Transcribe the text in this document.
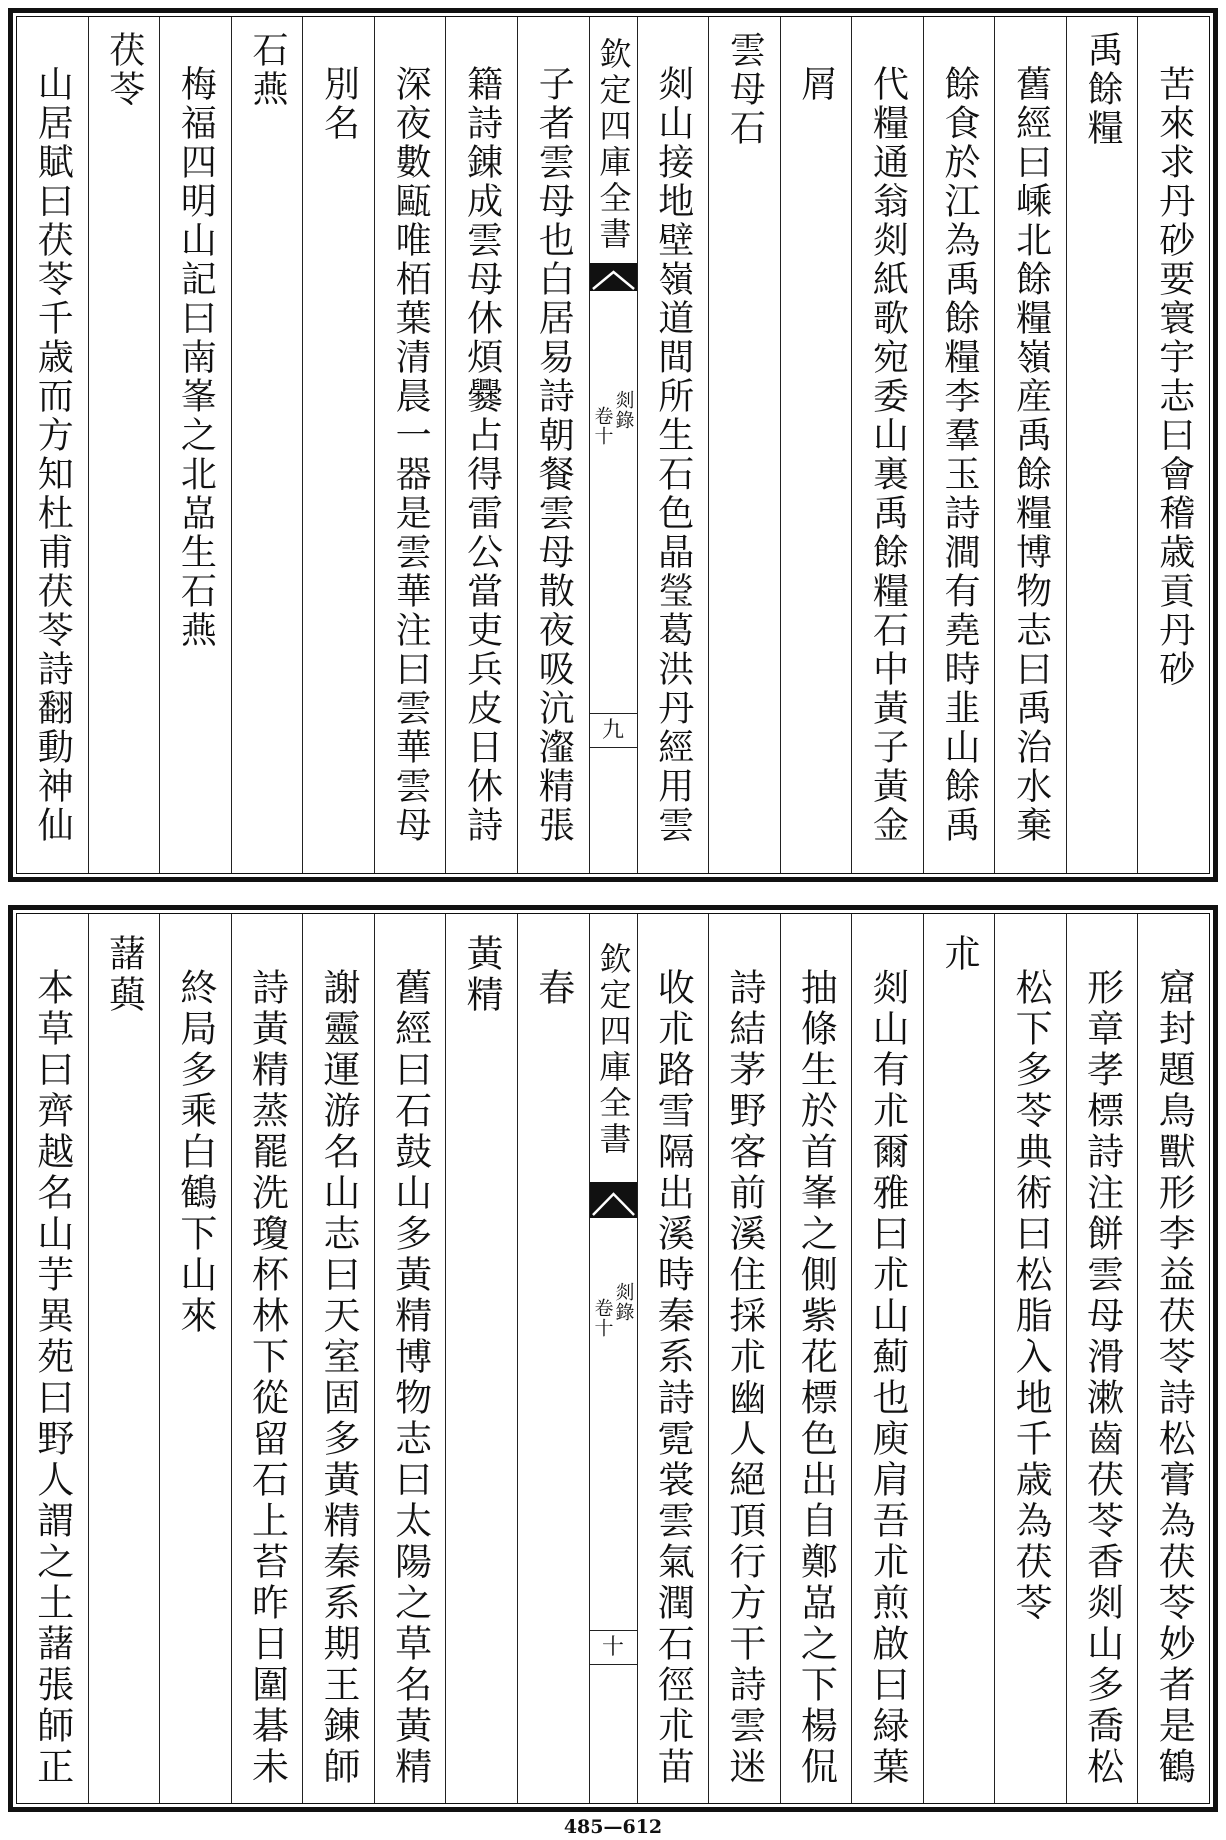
苦來求丹砂要寰宇志曰會稽歳貢丹砂
禹餘糧
舊經曰嵊北餘糧嶺産禹餘糧博物志曰禹治水棄
餘食於江為禹餘糧李羣玉詩澗有堯時韭山餘禹
代糧通翁剡紙歌宛委山裏禹餘糧石中黃子黃金
屑
雲母石
剡山接地壁嶺道間所生石色晶瑩葛洪丹經用雲
欽定四庫全書
剡錄
卷十
九
子者雲母也白居易詩朝餐雲母散夜吸沆瀣精張
籍詩錬成雲母休煩爨占得雷公當吏兵皮日休詩
深夜數甌唯栢葉清晨一器是雲華注曰雲華雲母
別名
石燕
梅福四明山記曰南峯之北嵓生石燕
茯苓
山居賦曰茯苓千歳而方知杜甫茯苓詩翻動神仙
窟封題鳥獸形李益茯苓詩松膏為茯苓妙者是鶴
形章孝標詩注餅雲母滑漱齒茯苓香剡山多喬松
松下多苓典術曰松脂入地千歳為茯苓
朮
剡山有朮爾雅曰朮山薊也庾肩吾朮煎啟曰緑葉
抽條生於首峯之側紫花標色出自鄭嵓之下楊侃
詩結茅野客前溪住採朮幽人絕頂行方干詩雲迷
收朮路雪隔出溪時秦系詩霓裳雲氣潤石徑朮苗
欽定四庫全書
剡錄
卷十
十
春
黃精
舊經曰石鼓山多黃精博物志曰太陽之草名黃精
謝靈運游名山志曰天室固多黃精秦系期王錬師
詩黃精蒸罷洗瓊杯林下從留石上苔昨日圍碁未
終局多乘白鶴下山來
藷藇
本草曰齊越名山芋異苑曰野人謂之土藷張師正
485—612
